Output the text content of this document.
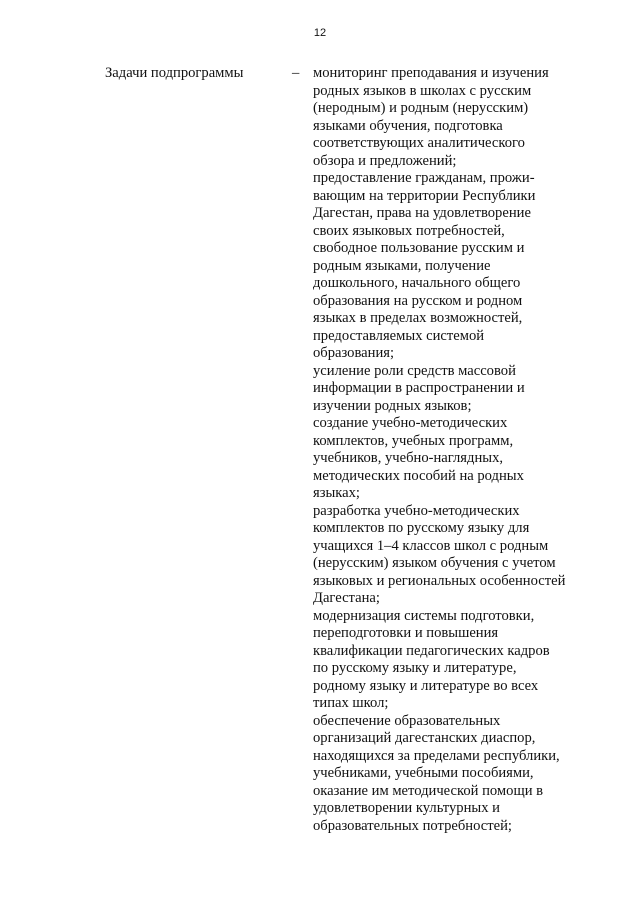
12
Задачи подпрограммы	– мониторинг преподавания и изучения
родных языков в школах с русским
(неродным) и родным (нерусским)
языками обучения, подготовка
соответствующих аналитического
обзора и предложений;
предоставление гражданам, прожи-
вающим на территории Республики
Дагестан, права на удовлетворение
своих языковых потребностей,
свободное пользование русским и
родным языками, получение
дошкольного, начального общего
образования на русском и родном
языках в пределах возможностей,
предоставляемых системой
образования;
усиление роли средств массовой
информации в распространении и
изучении родных языков;
создание учебно-методических
комплектов, учебных программ,
учебников, учебно-наглядных,
методических пособий на родных
языках;
разработка учебно-методических
комплектов по русскому языку для
учащихся 1–4 классов школ с родным
(нерусским) языком обучения с учетом
языковых и региональных особенностей
Дагестана;
модернизация системы подготовки,
переподготовки и повышения
квалификации педагогических кадров
по русскому языку и литературе,
родному языку и литературе во всех
типах школ;
обеспечение образовательных
организаций дагестанских диаспор,
находящихся за пределами республики,
учебниками, учебными пособиями,
оказание им методической помощи в
удовлетворении культурных и
образовательных потребностей;
